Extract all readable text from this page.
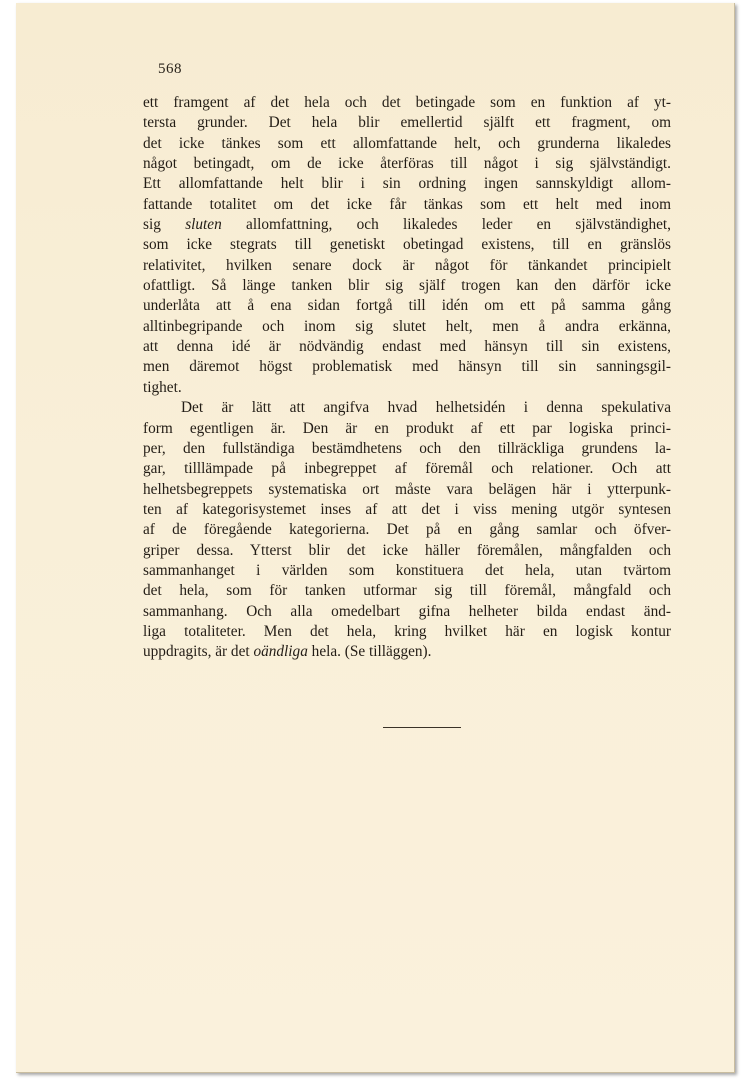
568

ett framgent af det hela och det betingade som en funktion af yt-
tersta grunder. Det hela blir emellertid själft ett fragment, om
det icke tänkes som ett allomfattande helt, och grunderna likaledes
något betingadt, om de icke återföras till något i sig självständigt.
Ett allomfattande helt blir i sin ordning ingen sannskyldigt allom-
fattande totalitet om det icke får tänkas som ett helt med inom
sig sluten allomfattning, och likaledes leder en självständighet,
som icke stegrats till genetiskt obetingad existens, till en gränslös
relativitet, hvilken senare dock är något för tänkandet principielt
ofattligt. Så länge tanken blir sig själf trogen kan den därför icke
underlåta att å ena sidan fortgå till idén om ett på samma gång
alltinbegripande och inom sig slutet helt, men å andra erkänna,
att denna idé är nödvändig endast med hänsyn till sin existens,
men däremot högst problematisk med hänsyn till sin sanningsgil-
tighet.

Det är lätt att angifva hvad helhetsidén i denna spekulativa
form egentligen är. Den är en produkt af ett par logiska princi-
per, den fullständiga bestämdhetens och den tillräckliga grundens la-
gar, tilllämpade på inbegreppet af föremål och relationer. Och att
helhetsbegreppets systematiska ort måste vara belägen här i ytterpunk-
ten af kategorisystemet inses af att det i viss mening utgör syntesen
af de föregående kategorierna. Det på en gång samlar och öfver-
griper dessa. Ytterst blir det icke häller föremålen, mångfalden och
sammanhanget i världen som konstituera det hela, utan tvärtom
det hela, som för tanken utformar sig till föremål, mångfald och
sammanhang. Och alla omedelbart gifna helheter bilda endast änd-
liga totaliteter. Men det hela, kring hvilket här en logisk kontur
uppdragits, är det oändliga hela. (Se tilläggen).
